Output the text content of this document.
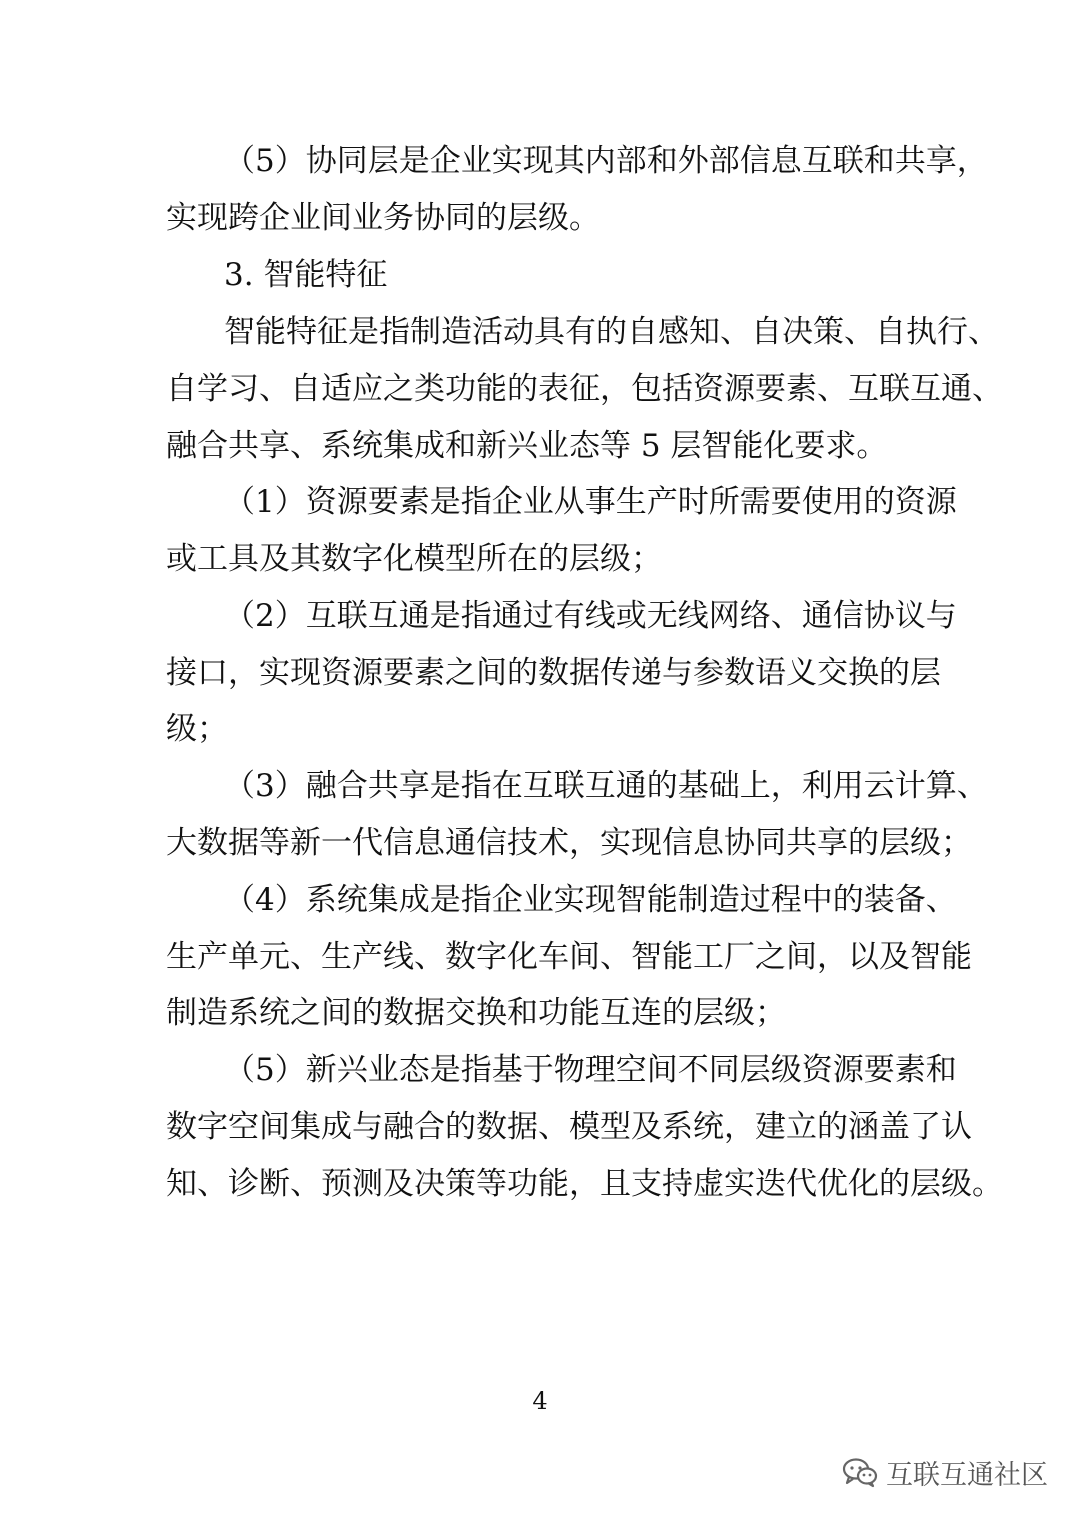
（5）协同层是企业实现其内部和外部信息互联和共享，
实现跨企业间业务协同的层级。
3. 智能特征
智能特征是指制造活动具有的自感知、自决策、自执行、
自学习、自适应之类功能的表征，包括资源要素、互联互通、
融合共享、系统集成和新兴业态等 5 层智能化要求。
（1）资源要素是指企业从事生产时所需要使用的资源
或工具及其数字化模型所在的层级；
（2）互联互通是指通过有线或无线网络、通信协议与
接口，实现资源要素之间的数据传递与参数语义交换的层
级；
（3）融合共享是指在互联互通的基础上，利用云计算、
大数据等新一代信息通信技术，实现信息协同共享的层级；
（4）系统集成是指企业实现智能制造过程中的装备、
生产单元、生产线、数字化车间、智能工厂之间，以及智能
制造系统之间的数据交换和功能互连的层级；
（5）新兴业态是指基于物理空间不同层级资源要素和
数字空间集成与融合的数据、模型及系统，建立的涵盖了认
知、诊断、预测及决策等功能，且支持虚实迭代优化的层级。
4
互联互通社区
